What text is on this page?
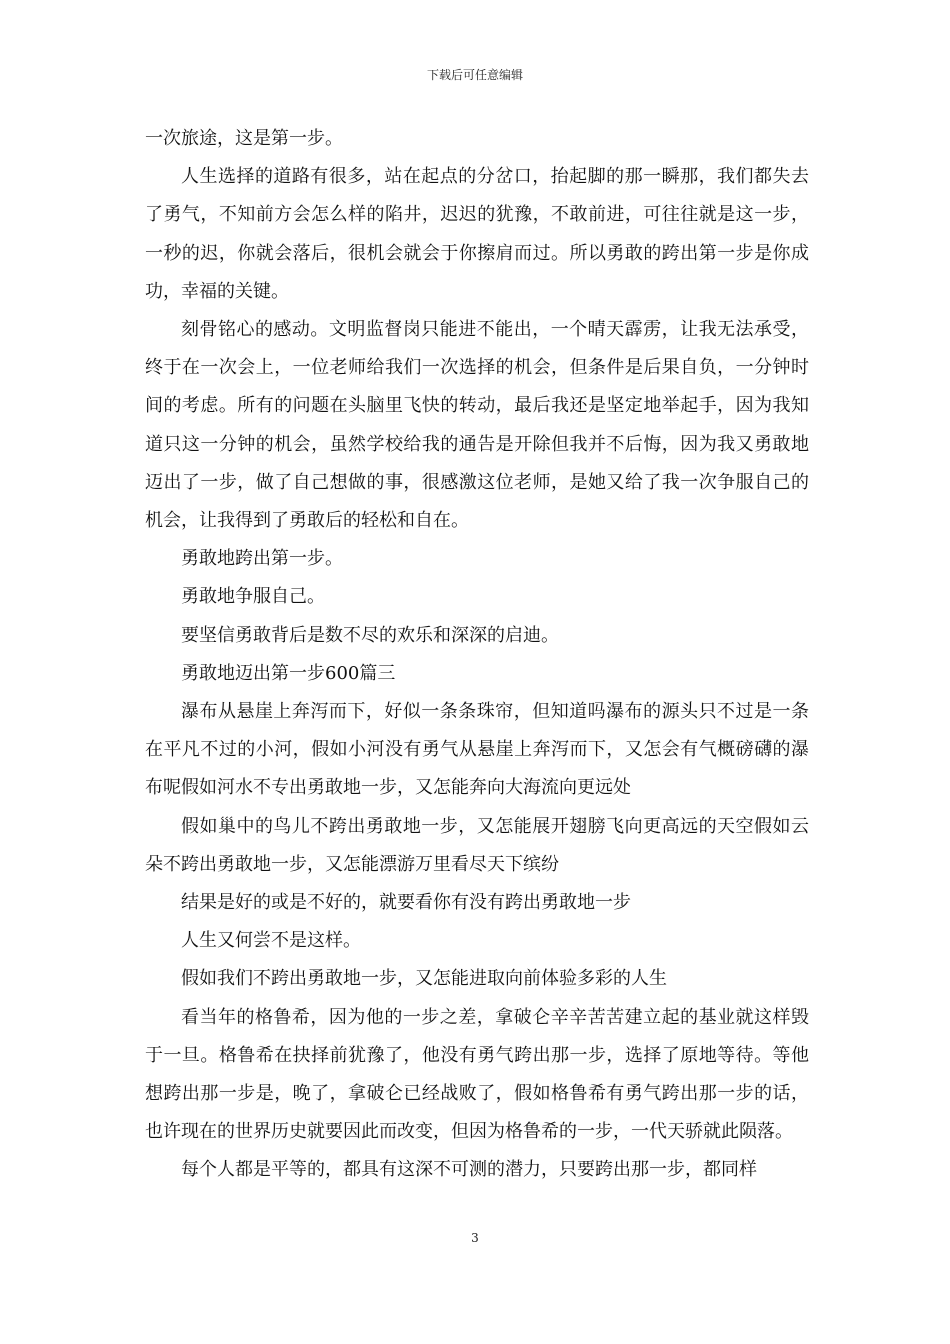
下载后可任意编辑

一次旅途，这是第一步。

人生选择的道路有很多，站在起点的分岔口，抬起脚的那一瞬那，我们都失去了勇气，不知前方会怎么样的陷井，迟迟的犹豫，不敢前进，可往往就是这一步，一秒的迟，你就会落后，很机会就会于你擦肩而过。所以勇敢的跨出第一步是你成功，幸福的关键。

刻骨铭心的感动。文明监督岗只能进不能出，一个晴天霹雳，让我无法承受，终于在一次会上，一位老师给我们一次选择的机会，但条件是后果自负，一分钟时间的考虑。所有的问题在头脑里飞快的转动，最后我还是坚定地举起手，因为我知道只这一分钟的机会，虽然学校给我的通告是开除但我并不后悔，因为我又勇敢地迈出了一步，做了自己想做的事，很感激这位老师，是她又给了我一次争服自己的机会，让我得到了勇敢后的轻松和自在。

勇敢地跨出第一步。

勇敢地争服自己。

要坚信勇敢背后是数不尽的欢乐和深深的启迪。

勇敢地迈出第一步600篇三

瀑布从悬崖上奔泻而下，好似一条条珠帘，但知道吗瀑布的源头只不过是一条在平凡不过的小河，假如小河没有勇气从悬崖上奔泻而下，又怎会有气概磅礴的瀑布呢假如河水不专出勇敢地一步，又怎能奔向大海流向更远处

假如巢中的鸟儿不跨出勇敢地一步，又怎能展开翅膀飞向更高远的天空假如云朵不跨出勇敢地一步，又怎能漂游万里看尽天下缤纷

结果是好的或是不好的，就要看你有没有跨出勇敢地一步

人生又何尝不是这样。

假如我们不跨出勇敢地一步，又怎能进取向前体验多彩的人生

看当年的格鲁希，因为他的一步之差，拿破仑辛辛苦苦建立起的基业就这样毁于一旦。格鲁希在抉择前犹豫了，他没有勇气跨出那一步，选择了原地等待。等他想跨出那一步是，晚了，拿破仑已经战败了，假如格鲁希有勇气跨出那一步的话，也许现在的世界历史就要因此而改变，但因为格鲁希的一步，一代天骄就此陨落。

每个人都是平等的，都具有这深不可测的潜力，只要跨出那一步，都同样

3
